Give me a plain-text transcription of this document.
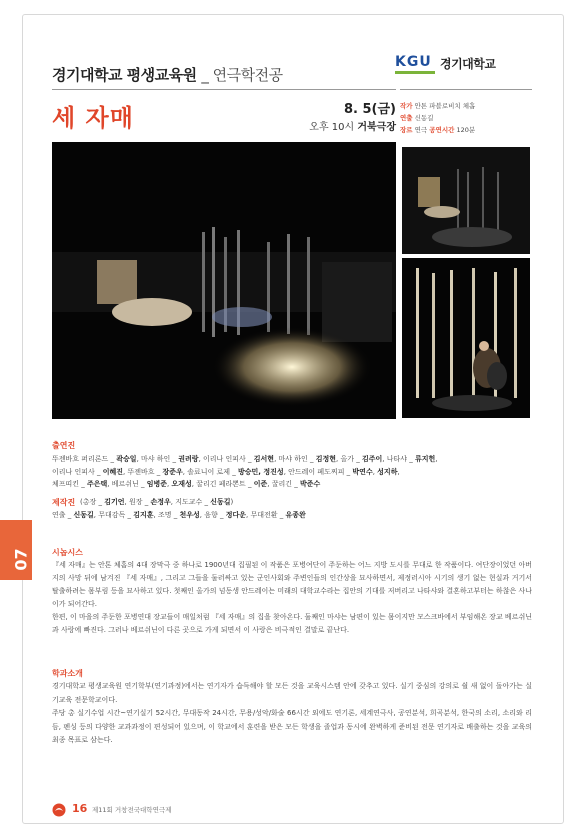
07
경기대학교 평생교육원 _ 연극학전공
KGU 경기대학교
세 자매	8. 5(금)
오후 10시 거북극장
작가 안톤 파블로비치 체홉
연출 신동길
장르 연극 공연시간 120분
출연진
뚜젠바흐 퍼리론드 _ 곽승일, 마샤 하인 _ 권려랑, 이리나 인피사 _ 김서현, 마샤 하인 _ 김정현, 올가 _ 김주이, 나타샤 _ 류지헌,
이리나 인피사 _ 이혜진, 뚜젠바흐 _ 장준우, 솔료니이 로제 _ 방승민, 정진성, 안드레이 페도찌피 _ 박연수, 성지하,
체프띠킨 _ 주은택, 베르쉬닌 _ 임병준, 오재성, 꿀리긴 페라뽄트 _ 이준, 꿀리긴 _ 박준수
제작진 (총장 _ 김기언, 원장 _ 손정우, 지도교수 _ 신동길)
연출 _ 신동길, 무대감독 _ 김지훈, 조명 _ 천우성, 음향 _ 정다운, 무대전환 _ 유종완
시놉시스
『세 자매』는 안톤 체홉의 4대 장막극 중 하나로 1900년대 집필된 이 작품은 포병여단이 주둔하는 어느 지방 도시를 무대로 한 작품이다. 여단장이었던 아버지의 사망 뒤에 남겨진 『세 자매』, 그리고 그들을 둘러싸고 있는 군인사회와 주변인들의 인간상을 묘사하면서, 제정러시아 시기의 생기 없는 현실과 거기서 탈출하려는 몸부림 등을 묘사하고 있다. 첫째인 올가의 넘동생 안드레이는 미래의 대학교수라는 집안의 기대를 저버리고 나타샤와 결혼하고부터는 하찮은 사나이가 되어간다.
한편, 이 마을의 주둔한 포병연대 장교들이 매일처럼 『세 자매』의 집을 찾아온다. 둘째인 마샤는 남편이 있는 몸이지만 모스크바에서 부임해온 장교 베르쉬닌과 사랑에 빠진다. 그러나 베르쉬닌이 다른 곳으로 가게 되면서 이 사랑은 비극적인 결말로 끝난다.
학과소개
경기대학교 평생교육원 연기학부(연기과정)에서는 연기자가 습득해야 할 모든 것을 교육시스템 안에 갖추고 있다. 실기 중심의 강의로 쉴 새 없이 돌아가는 실기교육 전문학교이다.
주당 총 실기수업 시간~연기실기 52시간, 무대동작 24시간, 무용/성악/화술 66시간 외에도 연기론, 세계연극사, 공연분석, 희곡분석, 한국의 소리, 소리와 리듬, 펜싱 등의 다양한 교과과정이 편성되어 있으며, 이 학교에서 훈련을 받은 모든 학생을 졸업과 동시에 완벽하게 준비된 전문 연기자로 배출하는 것을 교육의 최종 목표로 삼는다.
16 제11회 거창전국대학연극제
